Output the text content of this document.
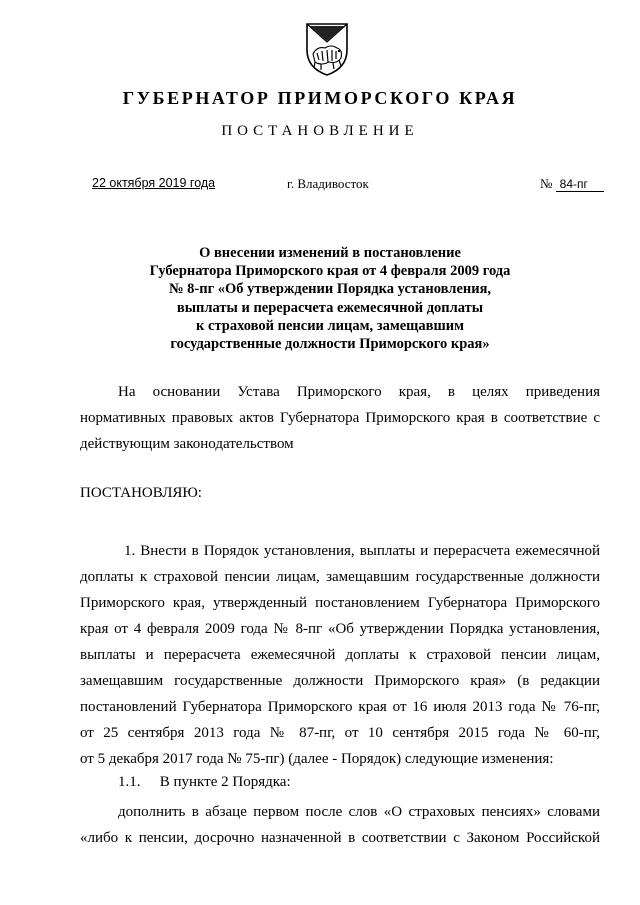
ГУБЕРНАТОР ПРИМОРСКОГО КРАЯ
ПОСТАНОВЛЕНИЕ
22 октября 2019 года	г. Владивосток	№ 84-пг
О внесении изменений в постановление
Губернатора Приморского края от 4 февраля 2009 года
№ 8-пг «Об утверждении Порядка установления,
выплаты и перерасчета ежемесячной доплаты
к страховой пенсии лицам, замещавшим
государственные должности Приморского края»
На основании Устава Приморского края, в целях приведения
нормативных правовых актов Губернатора Приморского края в соответствие с
действующим законодательством
ПОСТАНОВЛЯЮ:
1. Внести в Порядок установления, выплаты и перерасчета ежемесячной
доплаты к страховой пенсии лицам, замещавшим государственные должности
Приморского края, утвержденный постановлением Губернатора Приморского
края от 4 февраля 2009 года № 8-пг «Об утверждении Порядка установления,
выплаты и перерасчета ежемесячной доплаты к страховой пенсии лицам,
замещавшим государственные должности Приморского края» (в редакции
постановлений Губернатора Приморского края от 16 июля 2013 года № 76-пг,
от 25 сентября 2013 года № 87-пг, от 10 сентября 2015 года № 60-пг,
от 5 декабря 2017 года № 75-пг) (далее - Порядок) следующие изменения:
1.1. В пункте 2 Порядка:
дополнить в абзаце первом после слов «О страховых пенсиях» словами
«либо к пенсии, досрочно назначенной в соответствии с Законом Российской
